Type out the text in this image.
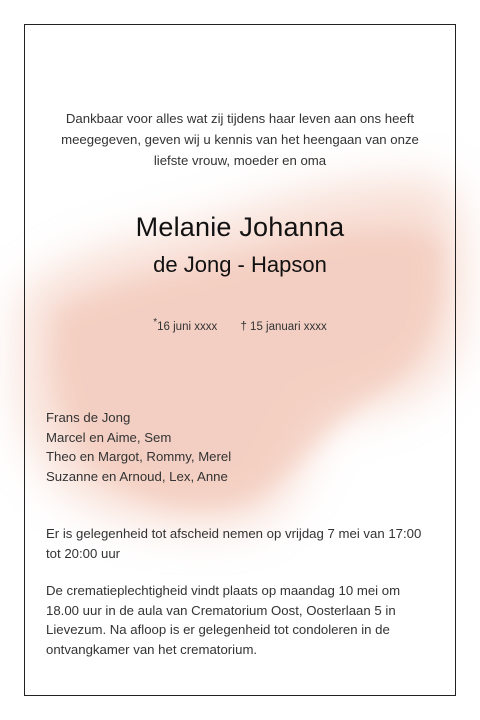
Dankbaar voor alles wat zij tijdens haar leven aan ons heeft meegegeven, geven wij u kennis van het heengaan van onze liefste vrouw, moeder en oma
Melanie Johanna
de Jong - Hapson
*16 juni xxxx † 15 januari xxxx
Frans de Jong
Marcel en Aime, Sem
Theo en Margot, Rommy, Merel
Suzanne en Arnoud, Lex, Anne
Er is gelegenheid tot afscheid nemen op vrijdag 7 mei van 17:00 tot 20:00 uur
De crematieplechtigheid vindt plaats op maandag 10 mei om 18.00 uur in de aula van Crematorium Oost, Oosterlaan 5 in Lievezum. Na afloop is er gelegenheid tot condoleren in de ontvangkamer van het crematorium.
